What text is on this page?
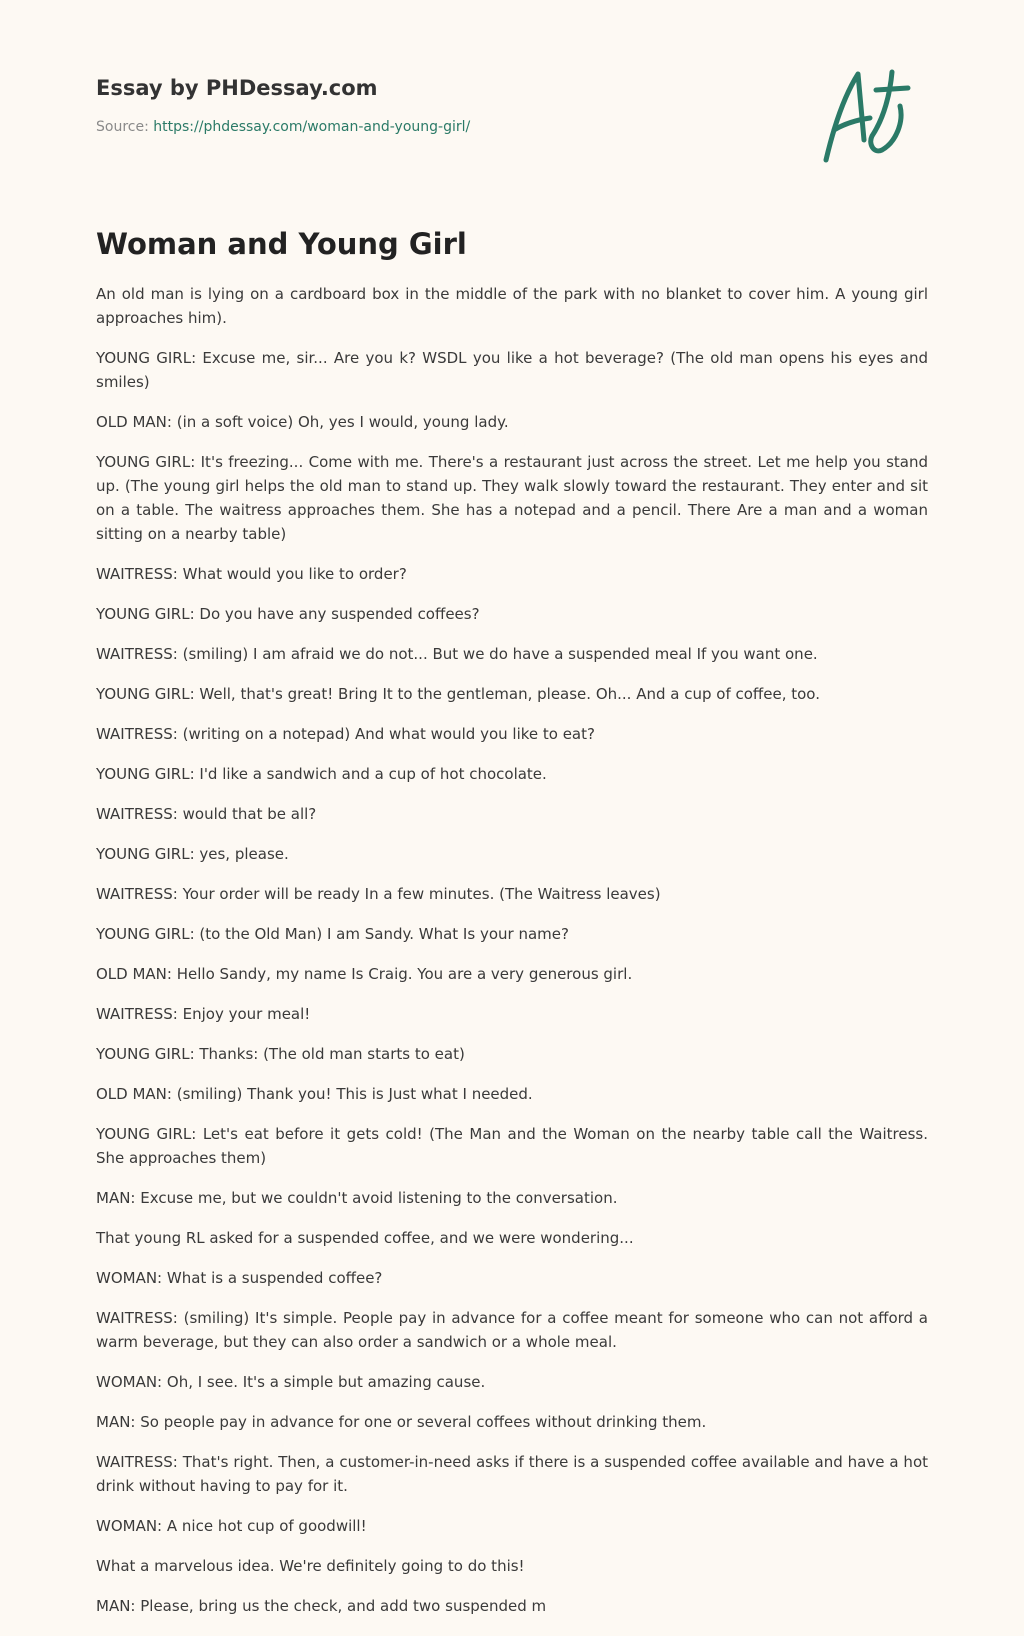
Essay by PHDessay.com

Source: https://phdessay.com/woman-and-young-girl/
Woman and Young Girl

An old man is lying on a cardboard box in the middle of the park with no blanket to cover him. A young girl approaches him).

YOUNG GIRL: Excuse me, sir... Are you k? WSDL you like a hot beverage? (The old man opens his eyes and smiles)

OLD MAN: (in a soft voice) Oh, yes I would, young lady.

YOUNG GIRL: It's freezing... Come with me. There's a restaurant just across the street. Let me help you stand up. (The young girl helps the old man to stand up. They walk slowly toward the restaurant. They enter and sit on a table. The waitress approaches them. She has a notepad and a pencil. There Are a man and a woman sitting on a nearby table)

WAITRESS: What would you like to order?

YOUNG GIRL: Do you have any suspended coffees?

WAITRESS: (smiling) I am afraid we do not... But we do have a suspended meal If you want one.

YOUNG GIRL: Well, that's great! Bring It to the gentleman, please. Oh... And a cup of coffee, too.

WAITRESS: (writing on a notepad) And what would you like to eat?

YOUNG GIRL: I'd like a sandwich and a cup of hot chocolate.

WAITRESS: would that be all?

YOUNG GIRL: yes, please.

WAITRESS: Your order will be ready In a few minutes. (The Waitress leaves)

YOUNG GIRL: (to the Old Man) I am Sandy. What Is your name?

OLD MAN: Hello Sandy, my name Is Craig. You are a very generous girl.

WAITRESS: Enjoy your meal!

YOUNG GIRL: Thanks: (The old man starts to eat)

OLD MAN: (smiling) Thank you! This is Just what I needed.

YOUNG GIRL: Let's eat before it gets cold! (The Man and the Woman on the nearby table call the Waitress. She approaches them)

MAN: Excuse me, but we couldn't avoid listening to the conversation.

That young RL asked for a suspended coffee, and we were wondering...

WOMAN: What is a suspended coffee?

WAITRESS: (smiling) It's simple. People pay in advance for a coffee meant for someone who can not afford a warm beverage, but they can also order a sandwich or a whole meal.

WOMAN: Oh, I see. It's a simple but amazing cause.

MAN: So people pay in advance for one or several coffees without drinking them.

WAITRESS: That's right. Then, a customer-in-need asks if there is a suspended coffee available and have a hot drink without having to pay for it.

WOMAN: A nice hot cup of goodwill!

What a marvelous idea. We're definitely going to do this!

MAN: Please, bring us the check, and add two suspended m
